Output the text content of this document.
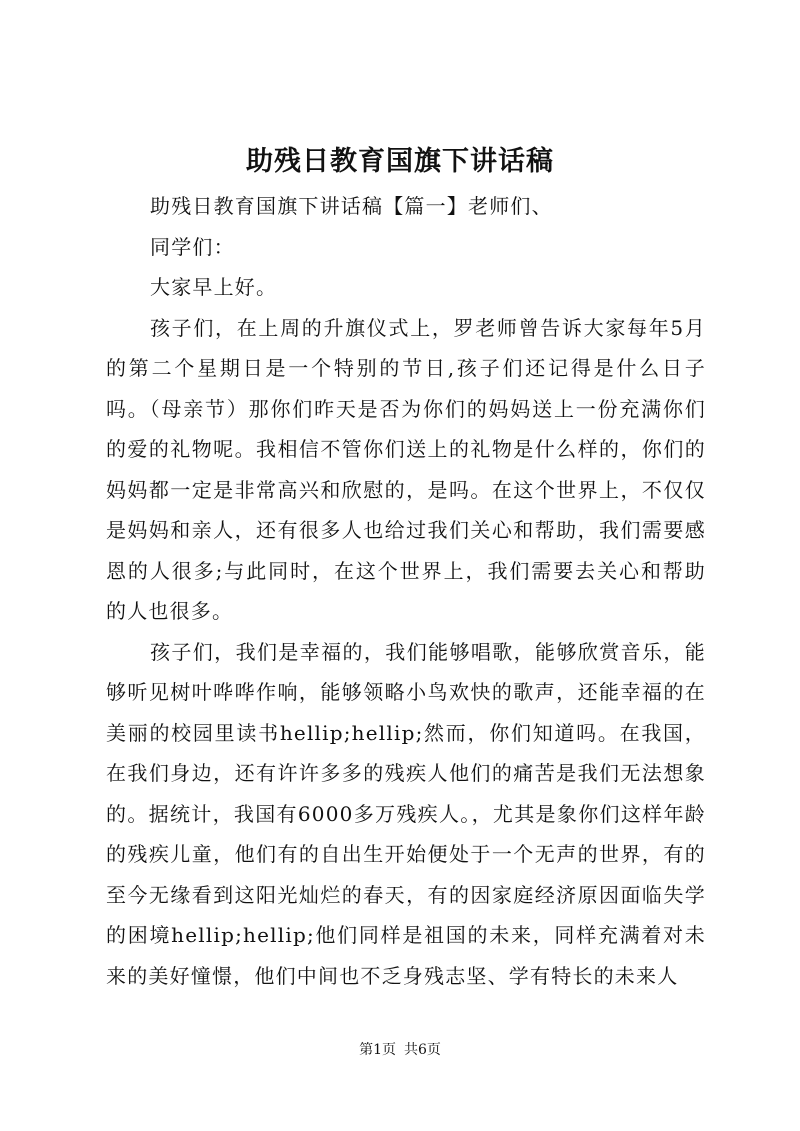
助残日教育国旗下讲话稿

助残日教育国旗下讲话稿【篇一】老师们、

同学们：

大家早上好。

孩子们，在上周的升旗仪式上，罗老师曾告诉大家每年5月的第二个星期日是一个特别的节日,孩子们还记得是什么日子吗。（母亲节）那你们昨天是否为你们的妈妈送上一份充满你们的爱的礼物呢。我相信不管你们送上的礼物是什么样的，你们的妈妈都一定是非常高兴和欣慰的，是吗。在这个世界上，不仅仅是妈妈和亲人，还有很多人也给过我们关心和帮助，我们需要感恩的人很多;与此同时，在这个世界上，我们需要去关心和帮助的人也很多。

孩子们，我们是幸福的，我们能够唱歌，能够欣赏音乐，能够听见树叶哗哗作响，能够领略小鸟欢快的歌声，还能幸福的在美丽的校园里读书hellip;hellip;然而，你们知道吗。在我国，在我们身边，还有许许多多的残疾人他们的痛苦是我们无法想象的。据统计，我国有6000多万残疾人。，尤其是象你们这样年龄的残疾儿童，他们有的自出生开始便处于一个无声的世界，有的至今无缘看到这阳光灿烂的春天，有的因家庭经济原因面临失学的困境hellip;hellip;他们同样是祖国的未来，同样充满着对未来的美好憧憬，他们中间也不乏身残志坚、学有特长的未来人

第1页 共6页
